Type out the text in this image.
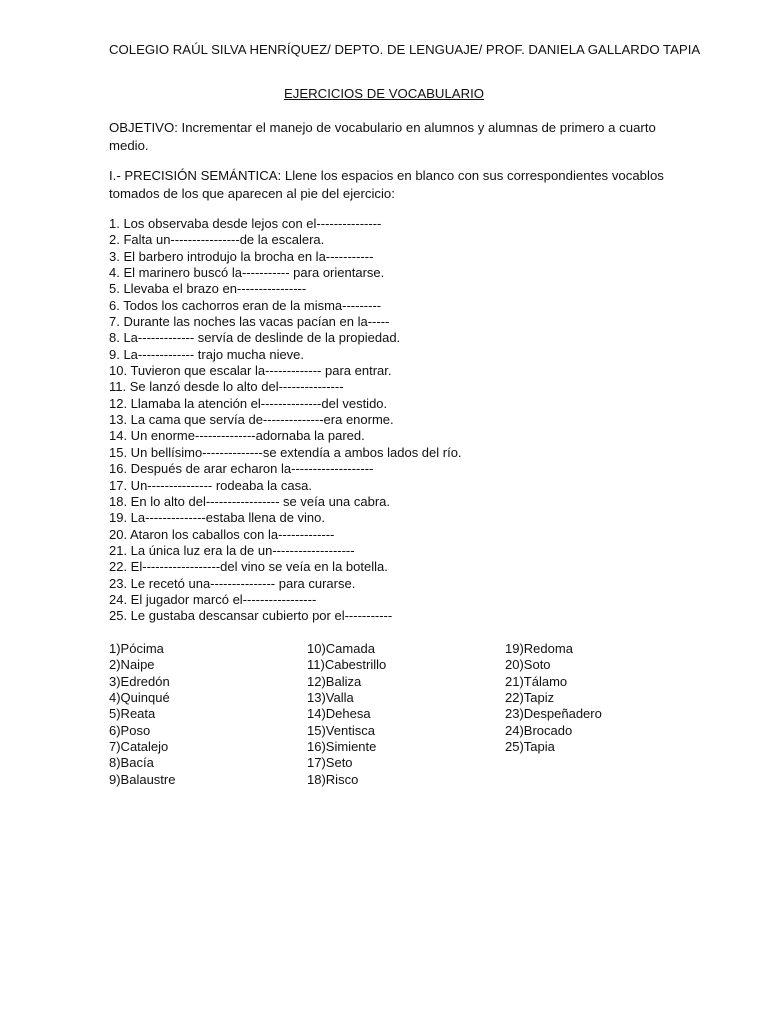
COLEGIO RAÚL SILVA HENRÍQUEZ/ DEPTO. DE LENGUAJE/ PROF. DANIELA GALLARDO TAPIA
EJERCICIOS DE VOCABULARIO
OBJETIVO: Incrementar el manejo de vocabulario en alumnos y alumnas de primero a cuarto medio.
I.- PRECISIÓN SEMÁNTICA: Llene los espacios en blanco con sus correspondientes vocablos tomados de los que aparecen al pie del ejercicio:
1. Los observaba desde lejos con el---------------
2. Falta un----------------de la escalera.
3. El barbero introdujo la brocha en la-----------
4. El marinero buscó la----------- para orientarse.
5. Llevaba el brazo en----------------
6. Todos los cachorros eran de la misma---------
7. Durante las noches las vacas pacían en la-----
8. La------------- servía de deslinde de la propiedad.
9. La------------- trajo mucha nieve.
10. Tuvieron que escalar la------------- para entrar.
11. Se lanzó desde lo alto del---------------
12. Llamaba la atención el--------------del vestido.
13. La cama que servía de--------------era enorme.
14. Un enorme--------------adornaba la pared.
15. Un bellísimo--------------se extendía a ambos lados del río.
16. Después de arar echaron la-------------------
17. Un--------------- rodeaba la casa.
18. En lo alto del----------------- se veía una cabra.
19. La--------------estaba llena de vino.
20. Ataron los caballos con la-------------
21. La única luz era la de un-------------------
22. El------------------del vino se veía en la botella.
23. Le recetó una--------------- para curarse.
24. El jugador marcó el-----------------
25. Le gustaba descansar cubierto por el-----------
1)Pócima
2)Naipe
3)Edredón
4)Quinqué
5)Reata
6)Poso
7)Catalejo
8)Bacía
9)Balaustre
10)Camada
11)Cabestrillo
12)Baliza
13)Valla
14)Dehesa
15)Ventisca
16)Simiente
17)Seto
18)Risco
19)Redoma
20)Soto
21)Tálamo
22)Tapiz
23)Despeñadero
24)Brocado
25)Tapia
